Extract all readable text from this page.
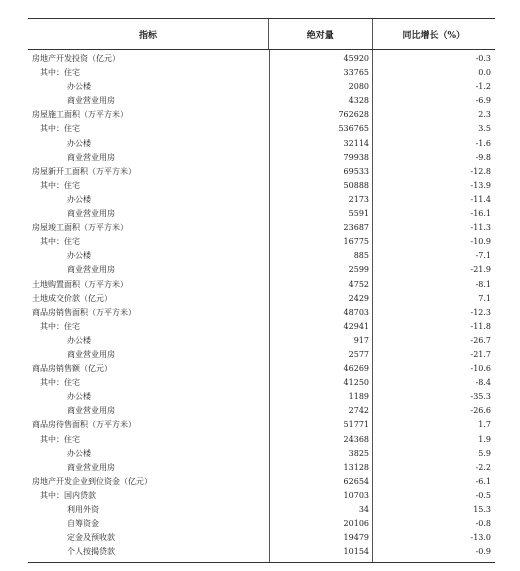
指标	绝对量	同比增长（%）
房地产开发投资（亿元）	45920	-0.3
其中：住宅	33765	0.0
办公楼	2080	-1.2
商业营业用房	4328	-6.9
房屋施工面积（万平方米）	762628	2.3
其中：住宅	536765	3.5
办公楼	32114	-1.6
商业营业用房	79938	-9.8
房屋新开工面积（万平方米）	69533	-12.8
其中：住宅	50888	-13.9
办公楼	2173	-11.4
商业营业用房	5591	-16.1
房屋竣工面积（万平方米）	23687	-11.3
其中：住宅	16775	-10.9
办公楼	885	-7.1
商业营业用房	2599	-21.9
土地购置面积（万平方米）	4752	-8.1
土地成交价款（亿元）	2429	7.1
商品房销售面积（万平方米）	48703	-12.3
其中：住宅	42941	-11.8
办公楼	917	-26.7
商业营业用房	2577	-21.7
商品房销售额（亿元）	46269	-10.6
其中：住宅	41250	-8.4
办公楼	1189	-35.3
商业营业用房	2742	-26.6
商品房待售面积（万平方米）	51771	1.7
其中：住宅	24368	1.9
办公楼	3825	5.9
商业营业用房	13128	-2.2
房地产开发企业到位资金（亿元）	62654	-6.1
其中：国内贷款	10703	-0.5
利用外资	34	15.3
自筹资金	20106	-0.8
定金及预收款	19479	-13.0
个人按揭贷款	10154	-0.9
